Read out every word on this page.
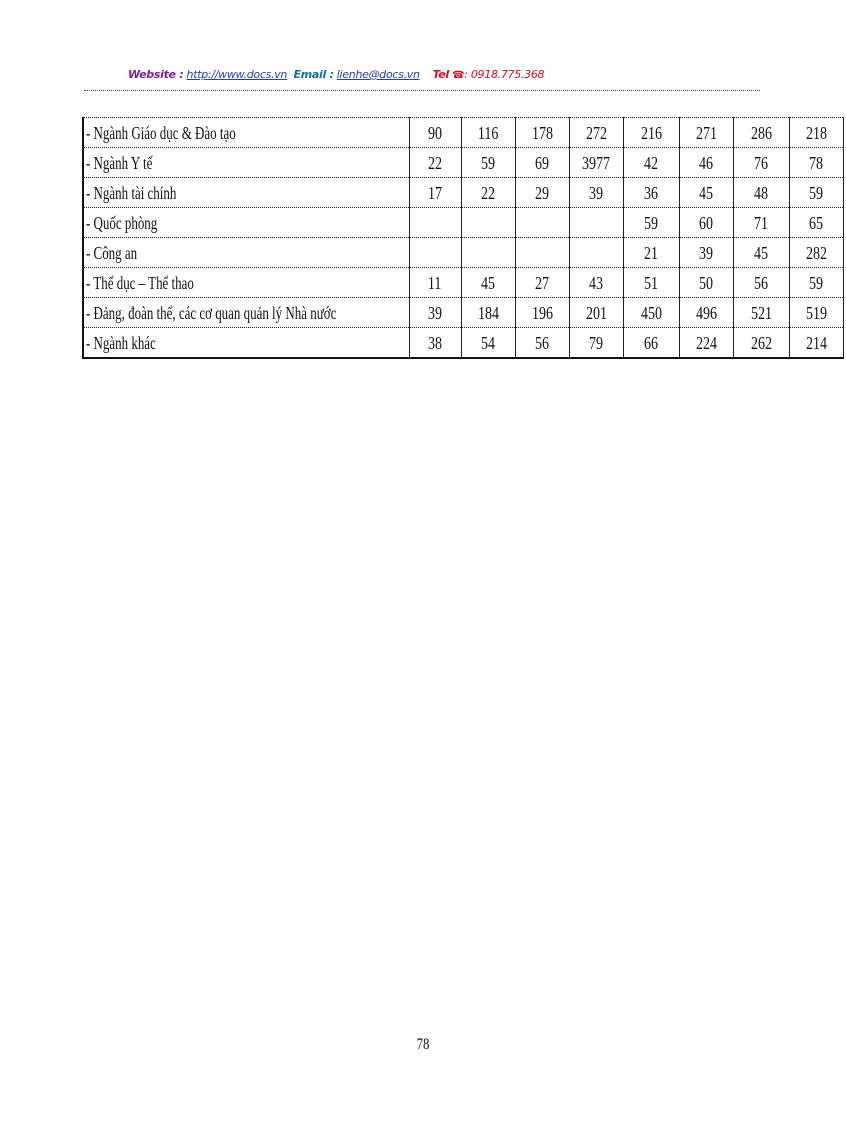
Website : http://www.docs.vn Email : lienhe@docs.vn Tel ☎: 0918.775.368
- Ngành Giáo dục & Đào tạo	90	116	178	272	216	271	286	218
- Ngành Y tế	22	59	69	3977	42	46	76	78
- Ngành tài chính	17	22	29	39	36	45	48	59
- Quốc phòng					59	60	71	65
- Công an					21	39	45	282
- Thể dục – Thể thao	11	45	27	43	51	50	56	59
- Đảng, đoàn thể, các cơ quan quản lý Nhà nước	39	184	196	201	450	496	521	519
- Ngành khác	38	54	56	79	66	224	262	214
78
